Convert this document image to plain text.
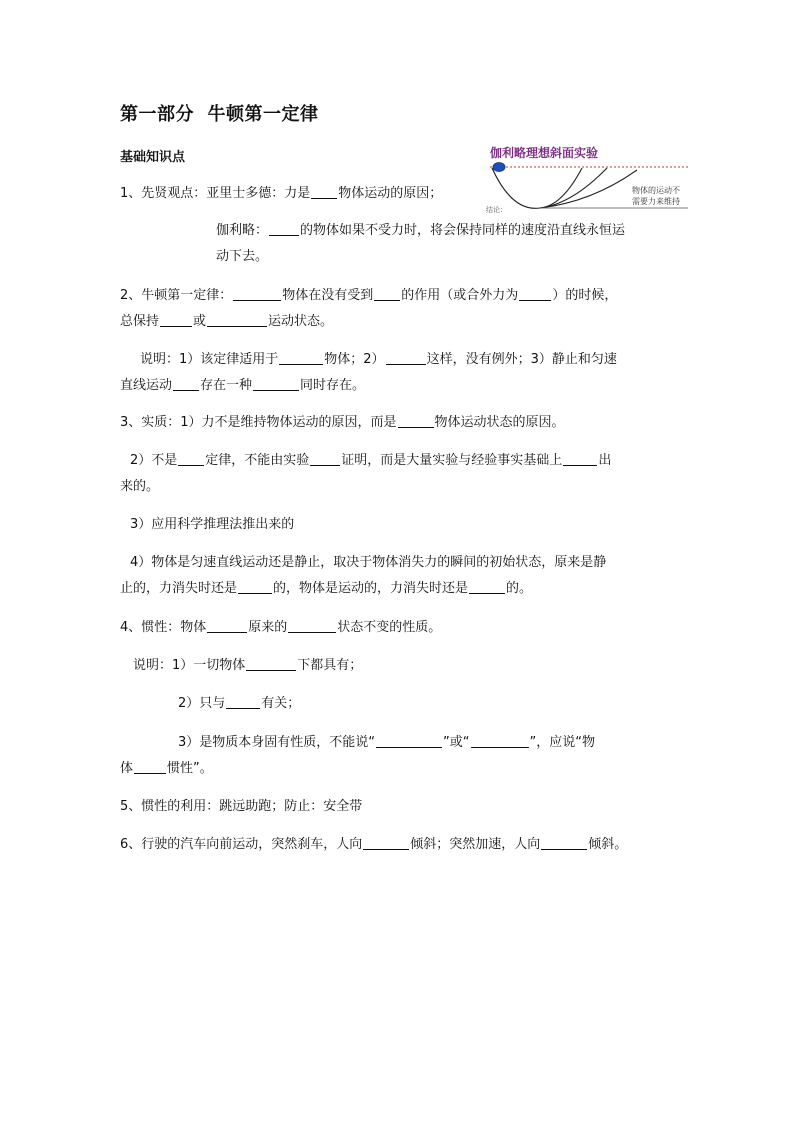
第一部分  牛顿第一定律
基础知识点	伽利略理想斜面实验
物体的运动不
需要力来维持
结论：

1、先贤观点：亚里士多德：力是 物体运动的原因；

伽利略： 的物体如果不受力时，将会保持同样的速度沿直线永恒运

动下去。

2、牛顿第一定律：	物体在没有受到 的作用（或合外力为	）的时候，

总保持	或	运动状态。

说明：1）该定律适用于	物体；2）	这样，没有例外；3）静止和匀速

直线运动 存在一种	同时存在。

3、实质：1）力不是维持物体运动的原因，而是	物体运动状态的原因。

2）不是 定律，不能由实验 证明，而是大量实验与经验事实基础上	出

来的。

3）应用科学推理法推出来的

4）物体是匀速直线运动还是静止，取决于物体消失力的瞬间的初始状态，原来是静

止的，力消失时还是	的，物体是运动的，力消失时还是	的。

4、惯性：物体	原来的	状态不变的性质。

说明：1）一切物体	下都具有；

2）只与	有关；

3）是物质本身固有性质，不能说“	”或“	”，应说“物

体	惯性”。

5、惯性的利用：跳远助跑；防止：安全带

6、行驶的汽车向前运动，突然刹车，人向	倾斜；突然加速，人向	倾斜。
